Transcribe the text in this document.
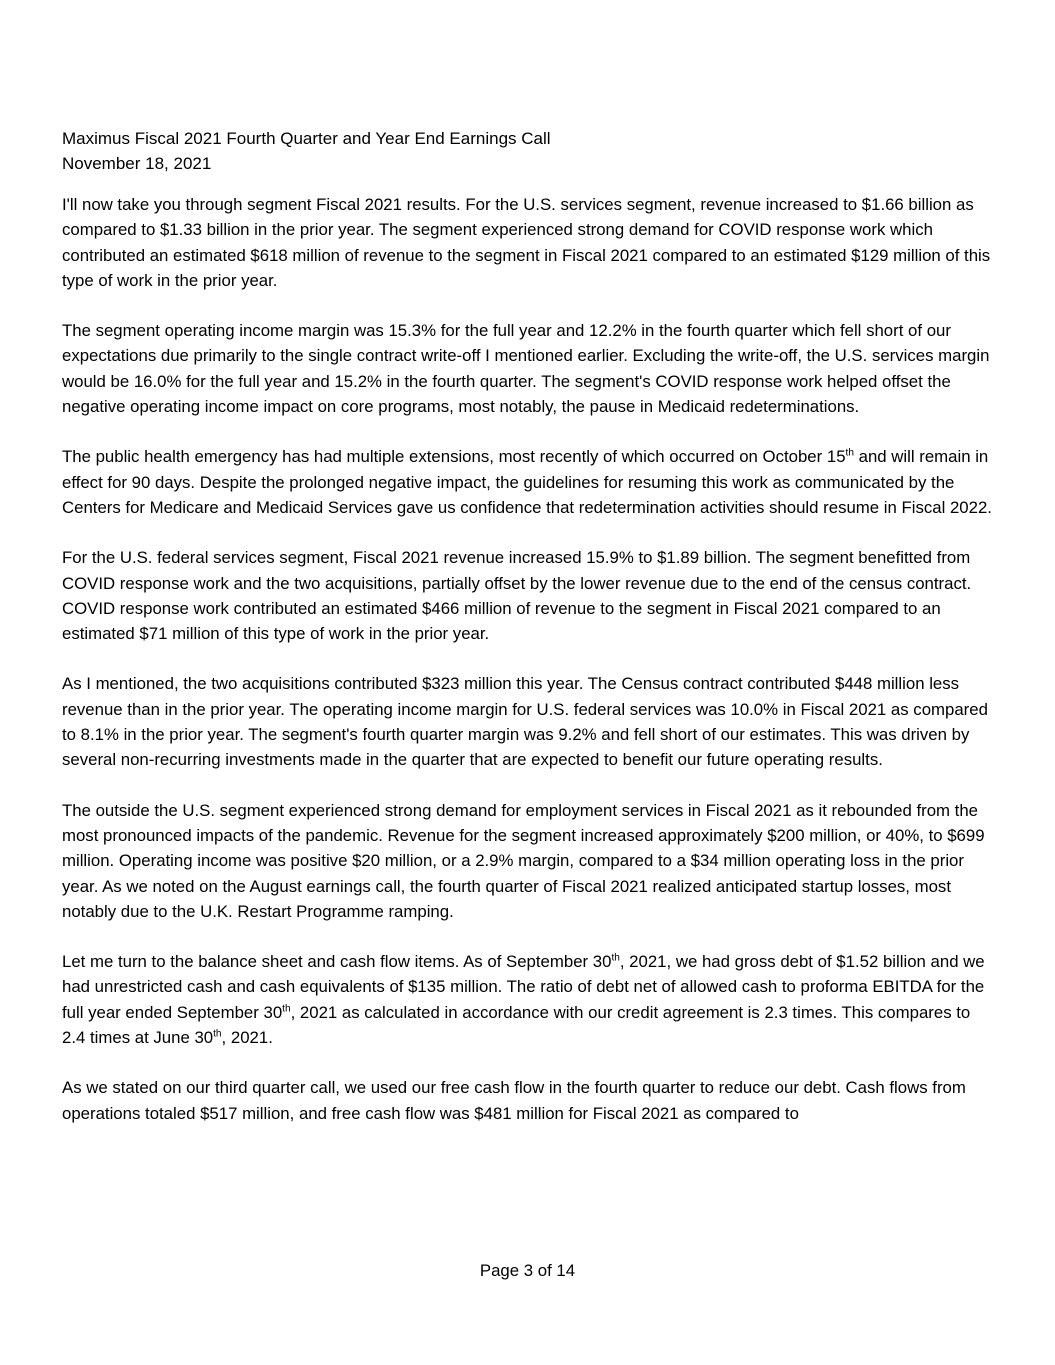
Maximus Fiscal 2021 Fourth Quarter and Year End Earnings Call
November 18, 2021

I'll now take you through segment Fiscal 2021 results. For the U.S. services segment, revenue increased to $1.66 billion as compared to $1.33 billion in the prior year. The segment experienced strong demand for COVID response work which contributed an estimated $618 million of revenue to the segment in Fiscal 2021 compared to an estimated $129 million of this type of work in the prior year.

The segment operating income margin was 15.3% for the full year and 12.2% in the fourth quarter which fell short of our expectations due primarily to the single contract write-off I mentioned earlier. Excluding the write-off, the U.S. services margin would be 16.0% for the full year and 15.2% in the fourth quarter. The segment's COVID response work helped offset the negative operating income impact on core programs, most notably, the pause in Medicaid redeterminations.

The public health emergency has had multiple extensions, most recently of which occurred on October 15th and will remain in effect for 90 days. Despite the prolonged negative impact, the guidelines for resuming this work as communicated by the Centers for Medicare and Medicaid Services gave us confidence that redetermination activities should resume in Fiscal 2022.

For the U.S. federal services segment, Fiscal 2021 revenue increased 15.9% to $1.89 billion. The segment benefitted from COVID response work and the two acquisitions, partially offset by the lower revenue due to the end of the census contract. COVID response work contributed an estimated $466 million of revenue to the segment in Fiscal 2021 compared to an estimated $71 million of this type of work in the prior year.

As I mentioned, the two acquisitions contributed $323 million this year. The Census contract contributed $448 million less revenue than in the prior year. The operating income margin for U.S. federal services was 10.0% in Fiscal 2021 as compared to 8.1% in the prior year. The segment's fourth quarter margin was 9.2% and fell short of our estimates. This was driven by several non-recurring investments made in the quarter that are expected to benefit our future operating results.

The outside the U.S. segment experienced strong demand for employment services in Fiscal 2021 as it rebounded from the most pronounced impacts of the pandemic. Revenue for the segment increased approximately $200 million, or 40%, to $699 million. Operating income was positive $20 million, or a 2.9% margin, compared to a $34 million operating loss in the prior year. As we noted on the August earnings call, the fourth quarter of Fiscal 2021 realized anticipated startup losses, most notably due to the U.K. Restart Programme ramping.

Let me turn to the balance sheet and cash flow items. As of September 30th, 2021, we had gross debt of $1.52 billion and we had unrestricted cash and cash equivalents of $135 million. The ratio of debt net of allowed cash to proforma EBITDA for the full year ended September 30th, 2021 as calculated in accordance with our credit agreement is 2.3 times. This compares to 2.4 times at June 30th, 2021.

As we stated on our third quarter call, we used our free cash flow in the fourth quarter to reduce our debt. Cash flows from operations totaled $517 million, and free cash flow was $481 million for Fiscal 2021 as compared to

Page 3 of 14
